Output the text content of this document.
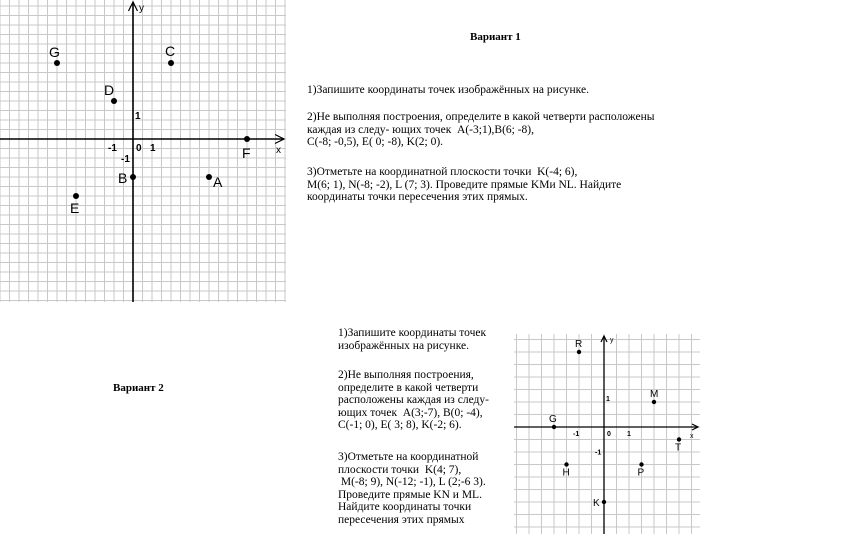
x
y
-1 0 1
1
-1
G	C
D
F
B	A
E
Вариант 1

1)Запишите координаты точек изображённых на рисунке.

2)Не выполняя построения, определите в какой четверти расположены
каждая из следу- ющих точек  A(-3;1),B(6; -8),
C(-8; -0,5), E( 0; -8), K(2; 0).

3)Отметьте на координатной плоскости точки  K(-4; 6),
M(6; 1), N(-8; -2), L (7; 3). Проведите прямые KMи NL. Найдите
координаты точки пересечения этих прямых.

Вариант 2

1)Запишите координаты точек
изображённых на рисунке.

2)Не выполняя построения,
определите в какой четверти
расположены каждая из следу-
ющих точек  A(3;-7), B(0; -4),
C(-1; 0), E( 3; 8), K(-2; 6).

3)Отметьте на координатной
плоскости точки  K(4; 7),
M(-8; 9), N(-12; -1), L (2;-6 3).
Проведите прямые KN и ML.
Найдите координаты точки
пересечения этих прямых

x
y
-1	0 1
1
-1
R
M
G
T
H	P
K
